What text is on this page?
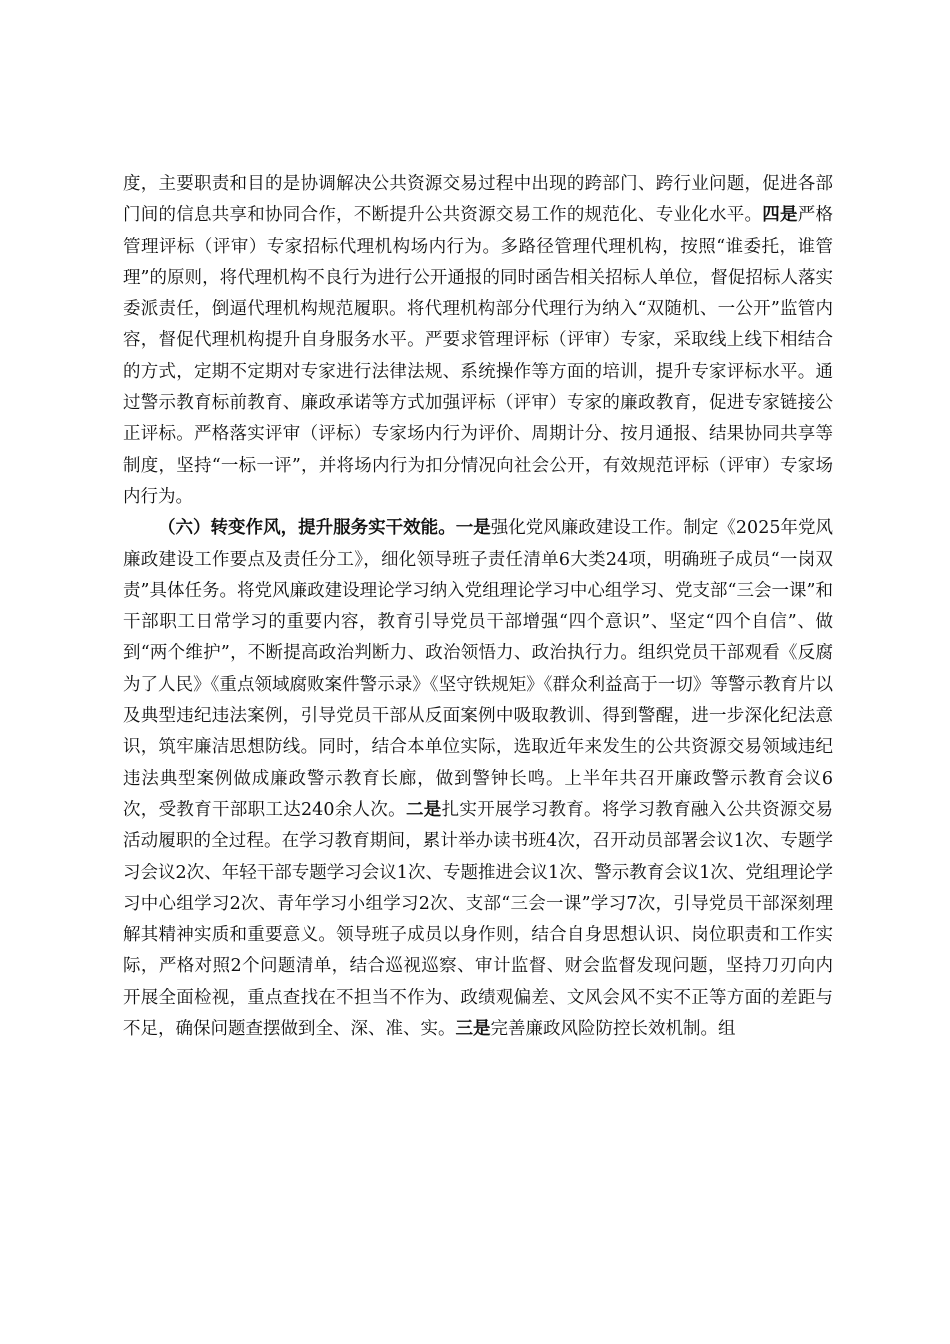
度，主要职责和目的是协调解决公共资源交易过程中出现的跨部门、跨行业问题，促进各部门间的信息共享和协同合作，不断提升公共资源交易工作的规范化、专业化水平。四是严格管理评标（评审）专家招标代理机构场内行为。多路径管理代理机构，按照“谁委托，谁管理”的原则，将代理机构不良行为进行公开通报的同时函告相关招标人单位，督促招标人落实委派责任，倒逼代理机构规范履职。将代理机构部分代理行为纳入“双随机、一公开”监管内容，督促代理机构提升自身服务水平。严要求管理评标（评审）专家，采取线上线下相结合的方式，定期不定期对专家进行法律法规、系统操作等方面的培训，提升专家评标水平。通过警示教育标前教育、廉政承诺等方式加强评标（评审）专家的廉政教育，促进专家链接公正评标。严格落实评审（评标）专家场内行为评价、周期计分、按月通报、结果协同共享等制度，坚持“一标一评”，并将场内行为扣分情况向社会公开，有效规范评标（评审）专家场内行为。

（六）转变作风，提升服务实干效能。一是强化党风廉政建设工作。制定《2025年党风廉政建设工作要点及责任分工》，细化领导班子责任清单6大类24项，明确班子成员“一岗双责”具体任务。将党风廉政建设理论学习纳入党组理论学习中心组学习、党支部“三会一课”和干部职工日常学习的重要内容，教育引导党员干部增强“四个意识”、坚定“四个自信”、做到“两个维护”，不断提高政治判断力、政治领悟力、政治执行力。组织党员干部观看《反腐为了人民》《重点领域腐败案件警示录》《坚守铁规矩》《群众利益高于一切》等警示教育片以及典型违纪违法案例，引导党员干部从反面案例中吸取教训、得到警醒，进一步深化纪法意识，筑牢廉洁思想防线。同时，结合本单位实际，选取近年来发生的公共资源交易领域违纪违法典型案例做成廉政警示教育长廊，做到警钟长鸣。上半年共召开廉政警示教育会议6次，受教育干部职工达240余人次。二是扎实开展学习教育。将学习教育融入公共资源交易活动履职的全过程。在学习教育期间，累计举办读书班4次，召开动员部署会议1次、专题学习会议2次、年轻干部专题学习会议1次、专题推进会议1次、警示教育会议1次、党组理论学习中心组学习2次、青年学习小组学习2次、支部“三会一课”学习7次，引导党员干部深刻理解其精神实质和重要意义。领导班子成员以身作则，结合自身思想认识、岗位职责和工作实际，严格对照2个问题清单，结合巡视巡察、审计监督、财会监督发现问题，坚持刀刃向内开展全面检视，重点查找在不担当不作为、政绩观偏差、文风会风不实不正等方面的差距与不足，确保问题查摆做到全、深、准、实。三是完善廉政风险防控长效机制。组
